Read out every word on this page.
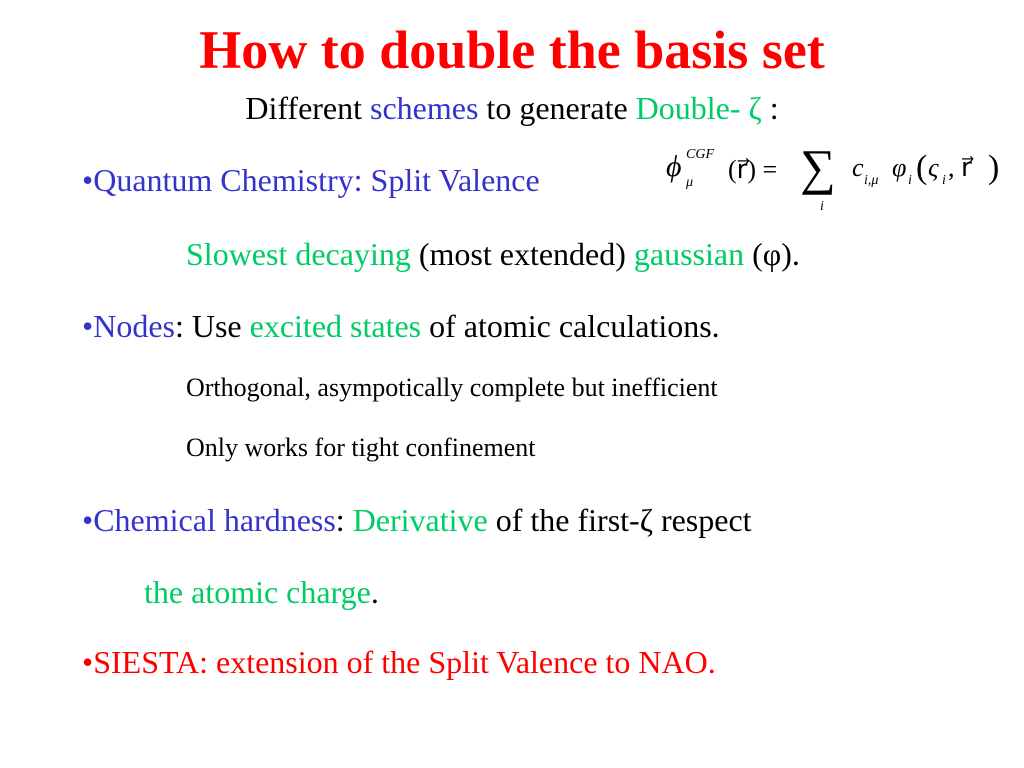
How to double the basis set
Different schemes to generate Double- ζ :
•Quantum Chemistry: Split Valence	ϕ CGF
μ (r⃗) = ∑
i
c i,μ φ i ( ς i , r⃗ )
Slowest decaying (most extended) gaussian (φ).
•Nodes: Use excited states of atomic calculations.
Orthogonal, asympotically complete but inefficient
Only works for tight confinement
•Chemical hardness: Derivative of the first-ζ respect
the atomic charge.
•SIESTA: extension of the Split Valence to NAO.
